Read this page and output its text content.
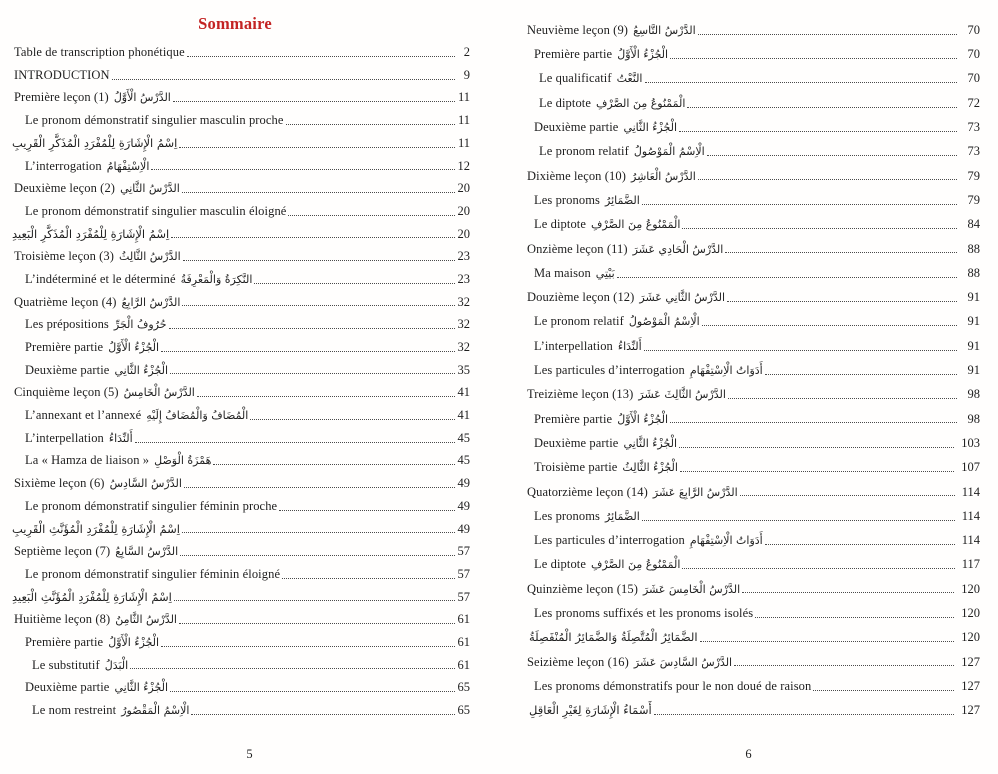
Sommaire
Table de transcription phonétique	2
INTRODUCTION	9
Première leçon (1) الدَّرْسُ الْأَوَّلُ	11
Le pronom démonstratif singulier masculin proche	11
اِسْمُ الْإِشَارَةِ لِلْمُفْرَدِ الْمُذَكَّرِ الْقَرِيبِ	11
L’interrogation الْاِسْتِفْهَامُ	12
Deuxième leçon (2) الدَّرْسُ الثَّانِي	20
Le pronom démonstratif singulier masculin éloigné	20
اِسْمُ الْإِشَارَةِ لِلْمُفْرَدِ الْمُذَكَّرِ الْبَعِيدِ	20
Troisième leçon (3) الدَّرْسُ الثَّالِثُ	23
L’indéterminé et le déterminé النَّكِرَةُ وَالْمَعْرِفَةُ	23
Quatrième leçon (4) الدَّرْسُ الرَّابِعُ	32
Les prépositions حُرُوفُ الْجَرِّ	32
Première partie الْجُزْءُ الْأَوَّلُ	32
Deuxième partie الْجُزْءُ الثَّانِي	35
Cinquième leçon (5) الدَّرْسُ الْخَامِسُ	41
L’annexant et l’annexé الْمُضَافُ وَالْمُضَافُ إِلَيْهِ	41
L’interpellation أَلنِّدَاءُ	45
La « Hamza de liaison » هَمْزَةُ الْوَصْلِ	45
Sixième leçon (6) الدَّرْسُ السَّادِسُ	49
Le pronom démonstratif singulier féminin proche	49
اِسْمُ الْإِشَارَةِ لِلْمُفْرَدِ الْمُؤَنَّثِ الْقَرِيبِ	49
Septième leçon (7) الدَّرْسُ السَّابِعُ	57
Le pronom démonstratif singulier féminin éloigné	57
اِسْمُ الْإِشَارَةِ لِلْمُفْرَدِ الْمُؤَنَّثِ الْبَعِيدِ	57
Huitième leçon (8) الدَّرْسُ الثَّامِنُ	61
Première partie الْجُزْءُ الْأَوَّلُ	61
Le substitutif الْبَدَلُ	61
Deuxième partie الْجُزْءُ الثَّانِي	65
Le nom restreint الْاِسْمُ الْمَقْصُورُ	65
5
Neuvième leçon (9) الدَّرْسُ التَّاسِعُ	70
Première partie الْجُزْءُ الْأَوَّلُ	70
Le qualificatif النَّعْتُ	70
Le diptote الْمَمْنُوعُ مِنَ الصَّرْفِ	72
Deuxième partie الْجُزْءُ الثَّانِي	73
Le pronom relatif الْاِسْمُ الْمَوْصُولُ	73
Dixième leçon (10) الدَّرْسُ الْعَاشِرُ	79
Les pronoms الضَّمَائِرُ	79
Le diptote الْمَمْنُوعُ مِنَ الصَّرْفِ	84
Onzième leçon (11) الدَّرْسُ الْحَادِي عَشَرَ	88
Ma maison بَيْتِي	88
Douzième leçon (12) الدَّرْسُ الثَّانِي عَشَرَ	91
Le pronom relatif الْاِسْمُ الْمَوْصُولُ	91
L’interpellation أَلنِّدَاءُ	91
Les particules d’interrogation أَدَوَاتُ الْاِسْتِفْهَامِ	91
Treizième leçon (13) الدَّرْسُ الثَّالِثَ عَشَرَ	98
Première partie الْجُزْءُ الْأَوَّلُ	98
Deuxième partie الْجُزْءُ الثَّانِي	103
Troisième partie الْجُزْءُ الثَّالِثُ	107
Quatorzième leçon (14) الدَّرْسُ الرَّابِعَ عَشَرَ	114
Les pronoms الضَّمَائِرُ	114
Les particules d’interrogation أَدَوَاتُ الْاِسْتِفْهَامِ	114
Le diptote الْمَمْنُوعُ مِنَ الصَّرْفِ	117
Quinzième leçon (15) الدَّرْسُ الْخَامِسَ عَشَرَ	120
Les pronoms suffixés et les pronoms isolés	120
الضَّمَائِرُ الْمُتَّصِلَةُ وَالضَّمَائِرُ الْمُنْفَصِلَةُ	120
Seizième leçon (16) الدَّرْسُ السَّادِسَ عَشَرَ	127
Les pronoms démonstratifs pour le non doué de raison	127
أَسْمَاءُ الْإِشَارَةِ لِغَيْرِ الْعَاقِلِ	127
6
